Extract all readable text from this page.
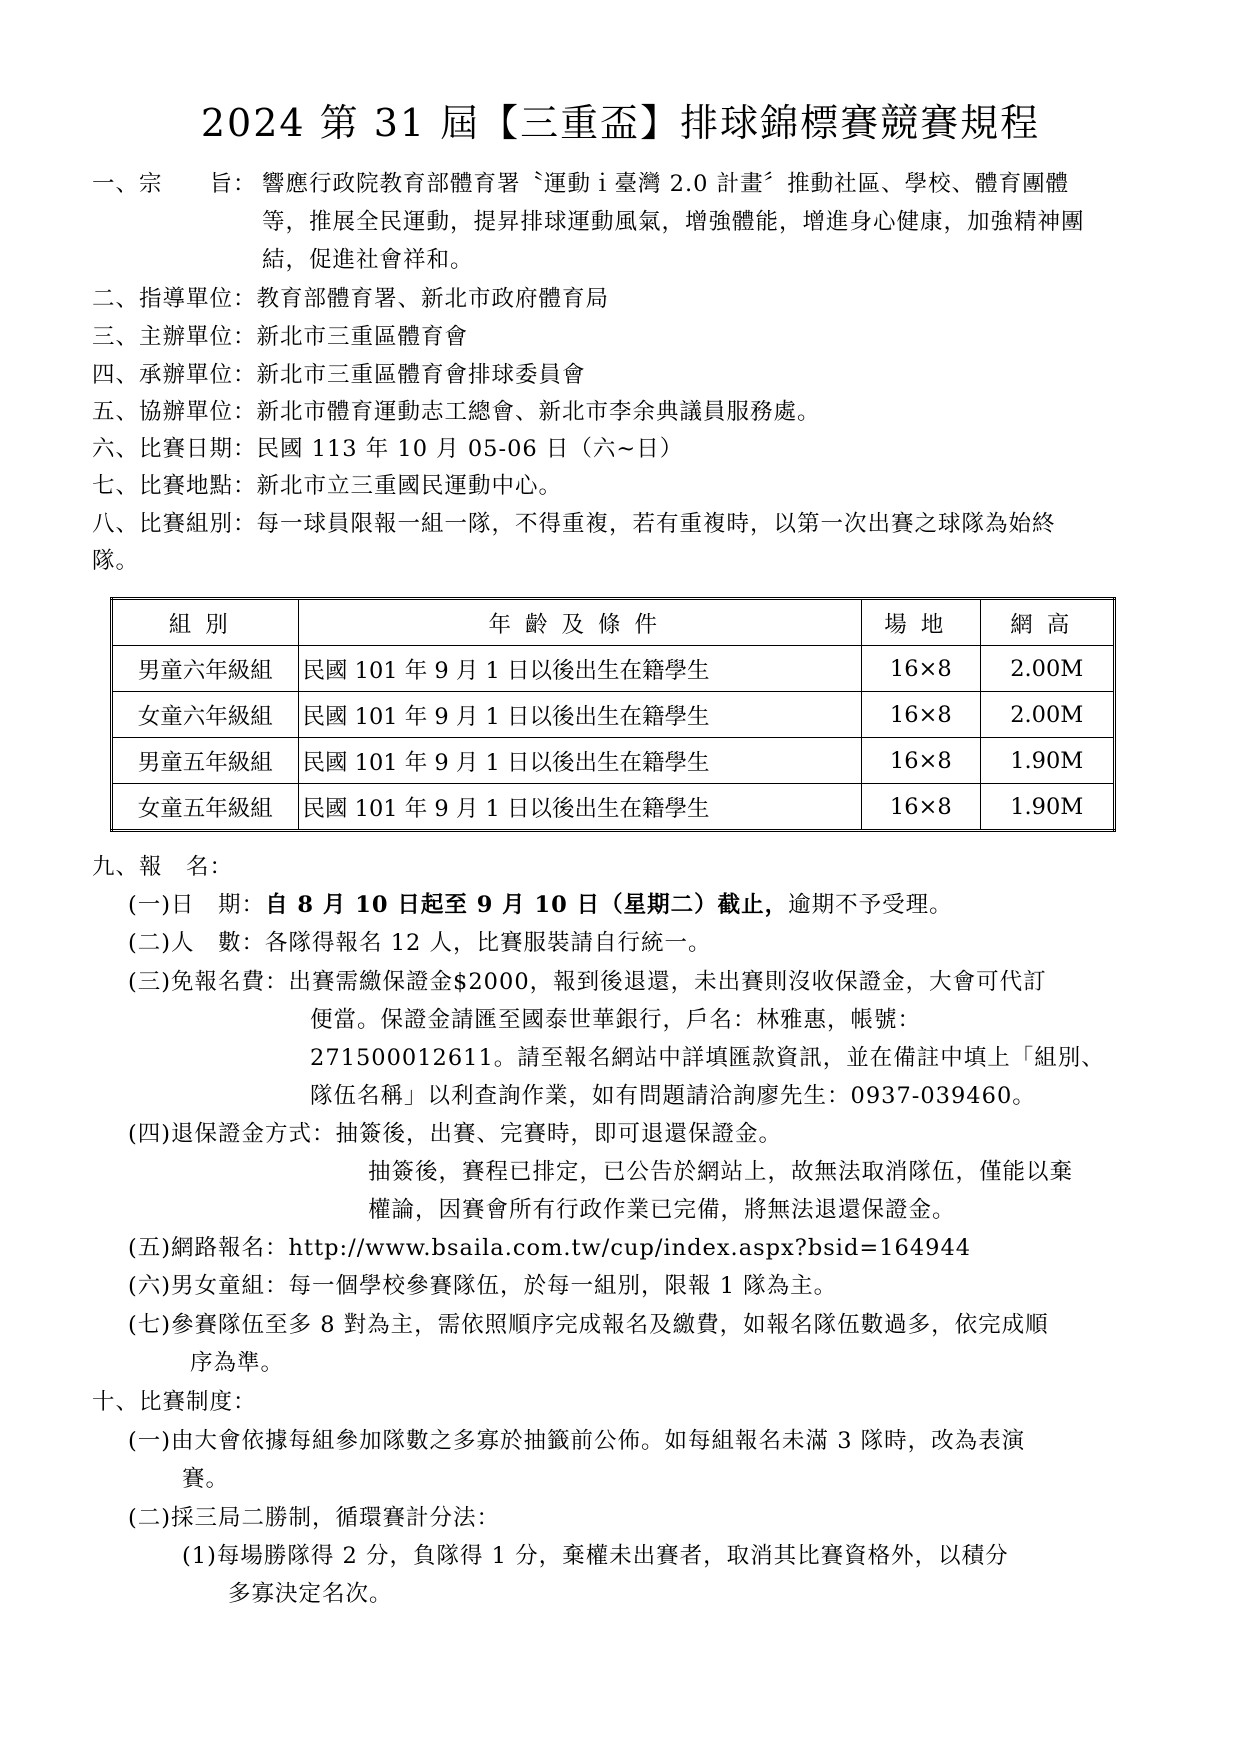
2024 第 31 屆【三重盃】排球錦標賽競賽規程
一、宗　　旨： 響應行政院教育部體育署〝運動ｉ臺灣 2.0 計畫〞推動社區、學校、體育團體
等，推展全民運動，提昇排球運動風氣，增強體能，增進身心健康，加強精神團
結，促進社會祥和。
二、指導單位：教育部體育署、新北市政府體育局
三、主辦單位：新北市三重區體育會
四、承辦單位：新北市三重區體育會排球委員會
五、協辦單位：新北市體育運動志工總會、新北市李余典議員服務處。
六、比賽日期：民國 113 年 10 月 05-06 日（六~日）
七、比賽地點：新北市立三重國民運動中心。
八、比賽組別：每一球員限報一組一隊，不得重複，若有重複時，以第一次出賽之球隊為始終
隊。
組別	年齡及條件	場地	網高
男童六年級組	民國 101 年 9 月 1 日以後出生在籍學生	16×8	2.00M
女童六年級組	民國 101 年 9 月 1 日以後出生在籍學生	16×8	2.00M
男童五年級組	民國 101 年 9 月 1 日以後出生在籍學生	16×8	1.90M
女童五年級組	民國 101 年 9 月 1 日以後出生在籍學生	16×8	1.90M
九、報　名：
(一)日　期：自 8 月 10 日起至 9 月 10 日（星期二）截止，逾期不予受理。
(二)人　數：各隊得報名 12 人，比賽服裝請自行統一。
(三)免報名費：出賽需繳保證金$2000，報到後退還，未出賽則沒收保證金，大會可代訂
便當。保證金請匯至國泰世華銀行，戶名：林雅惠，帳號：
271500012611。請至報名網站中詳填匯款資訊，並在備註中填上「組別、
隊伍名稱」以利查詢作業，如有問題請洽詢廖先生：0937-039460。
(四)退保證金方式：抽簽後，出賽、完賽時，即可退還保證金。
抽簽後，賽程已排定，已公告於網站上，故無法取消隊伍，僅能以棄
權論，因賽會所有行政作業已完備，將無法退還保證金。
(五)網路報名：http://www.bsaila.com.tw/cup/index.aspx?bsid=164944
(六)男女童組：每一個學校參賽隊伍，於每一組別，限報 1 隊為主。
(七)參賽隊伍至多 8 對為主，需依照順序完成報名及繳費，如報名隊伍數過多，依完成順
序為準。
十、比賽制度：
(一)由大會依據每組參加隊數之多寡於抽籤前公佈。如每組報名未滿 3 隊時，改為表演
賽。
(二)採三局二勝制，循環賽計分法：
(1)每場勝隊得 2 分，負隊得 1 分，棄權未出賽者，取消其比賽資格外，以積分
多寡決定名次。
